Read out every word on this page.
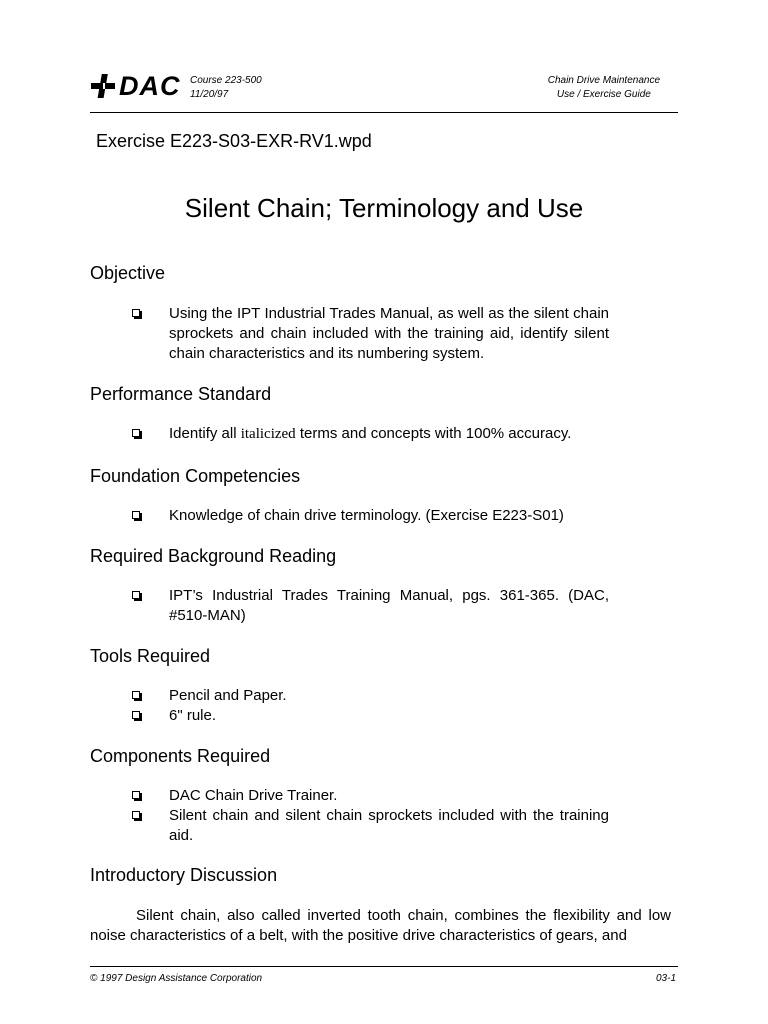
DAC Course 223-500
11/20/97
Chain Drive Maintenance
Use / Exercise Guide
Exercise E223-S03-EXR-RV1.wpd
Silent Chain; Terminology and Use
Objective
Using the IPT Industrial Trades Manual, as well as the silent chain sprockets and chain included with the training aid, identify silent chain characteristics and its numbering system.
Performance Standard
Identify all italicized terms and concepts with 100% accuracy.
Foundation Competencies
Knowledge of chain drive terminology. (Exercise E223-S01)
Required Background Reading
IPT’s Industrial Trades Training Manual, pgs. 361-365. (DAC, #510-MAN)
Tools Required
Pencil and Paper.
6" rule.
Components Required
DAC Chain Drive Trainer.
Silent chain and silent chain sprockets included with the training aid.
Introductory Discussion

Silent chain, also called inverted tooth chain, combines the flexibility and low noise characteristics of a belt, with the positive drive characteristics of gears, and

© 1997 Design Assistance Corporation	03-1
